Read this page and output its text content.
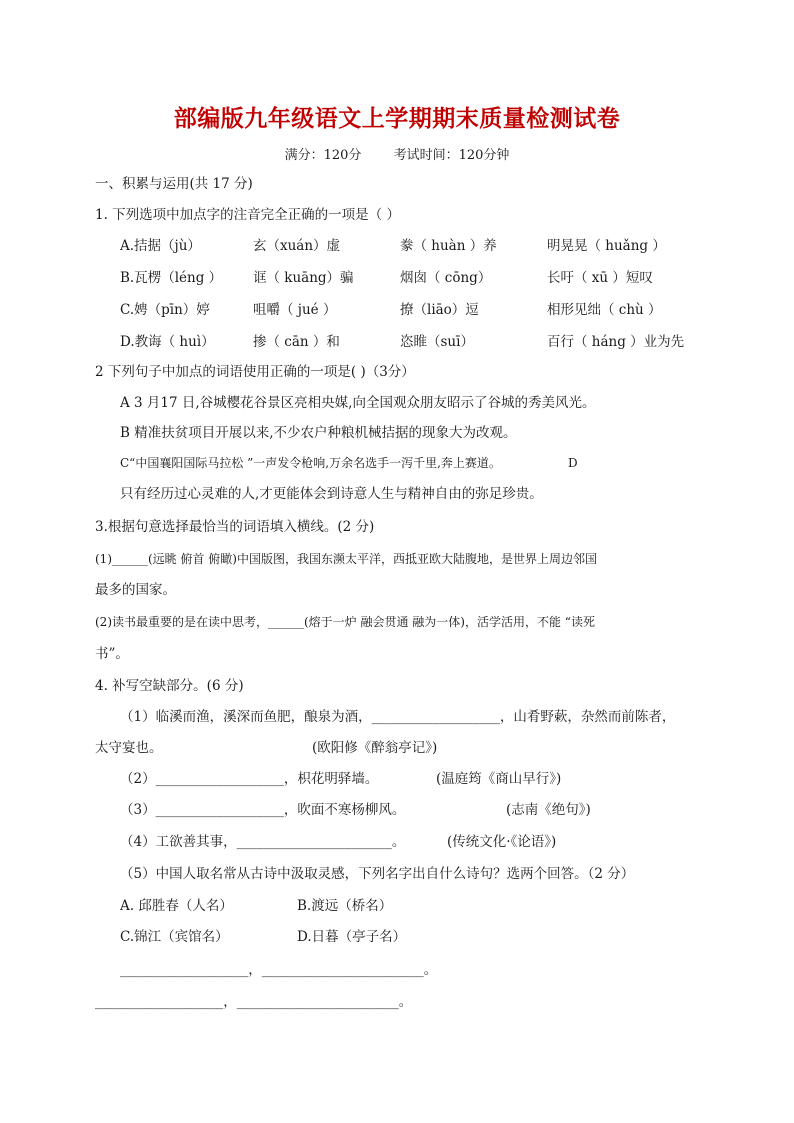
部编版九年级语文上学期期末质量检测试卷
满分：120分 考试时间：120分钟
一、积累与运用(共 17 分)
1. 下列选项中加点字的注音完全正确的一项是（ ）
A.拮据（jù）	玄（xuán）虚	豢（ huàn ）养	明晃晃（ huǎng ）
B.瓦楞（léng ） 诓（ kuāng）骗	烟囱（ cōng）	长吁（ xū ）短叹
C.娉（pīn）婷	咀嚼（ jué ）	撩（liāo）逗	相形见绌（ chù ）
D.教诲（ huì）	掺（ cān ）和	恣睢（suī）	百行（ háng ）业为先
2 下列句子中加点的词语使用正确的一项是( )（3分）
A 3 月17 日,谷城樱花谷景区亮相央媒,向全国观众朋友昭示了谷城的秀美风光。
B 精准扶贫项目开展以来,不少农户种粮机械拮据的现象大为改观。
C“中国襄阳国际马拉松 ”一声发令枪响,万余名选手一泻千里,奔上赛道。	D
只有经历过心灵难的人,才更能体会到诗意人生与精神自由的弥足珍贵。
3.根据句意选择最恰当的词语填入横线。(2 分)
(1)______(远眺 俯首 俯瞰)中国版图，我国东濒太平洋，西抵亚欧大陆腹地，是世界上周边邻国
最多的国家。
(2)读书最重要的是在读中思考，______(熔于一炉 融会贯通 融为一体)，活学活用，不能 “读死
书”。
4. 补写空缺部分。(6 分)
（1）临溪而渔，溪深而鱼肥，酿泉为酒，___________________，山肴野蔌，杂然而前陈者，
太守宴也。	(欧阳修《醉翁亭记》)
（2）___________________，枳花明驿墙。	(温庭筠《商山早行》)
（3）___________________，吹面不寒杨柳风。	(志南《绝句》)
（4）工欲善其事，_______________________。	(传统文化·《论语》)
（5）中国人取名常从古诗中汲取灵感，下列名字出自什么诗句？选两个回答。（2 分）
A. 邱胜春（人名）	B.渡远（桥名）
C.锦江（宾馆名）	D.日暮（亭子名）
___________________，________________________。
___________________，________________________。
